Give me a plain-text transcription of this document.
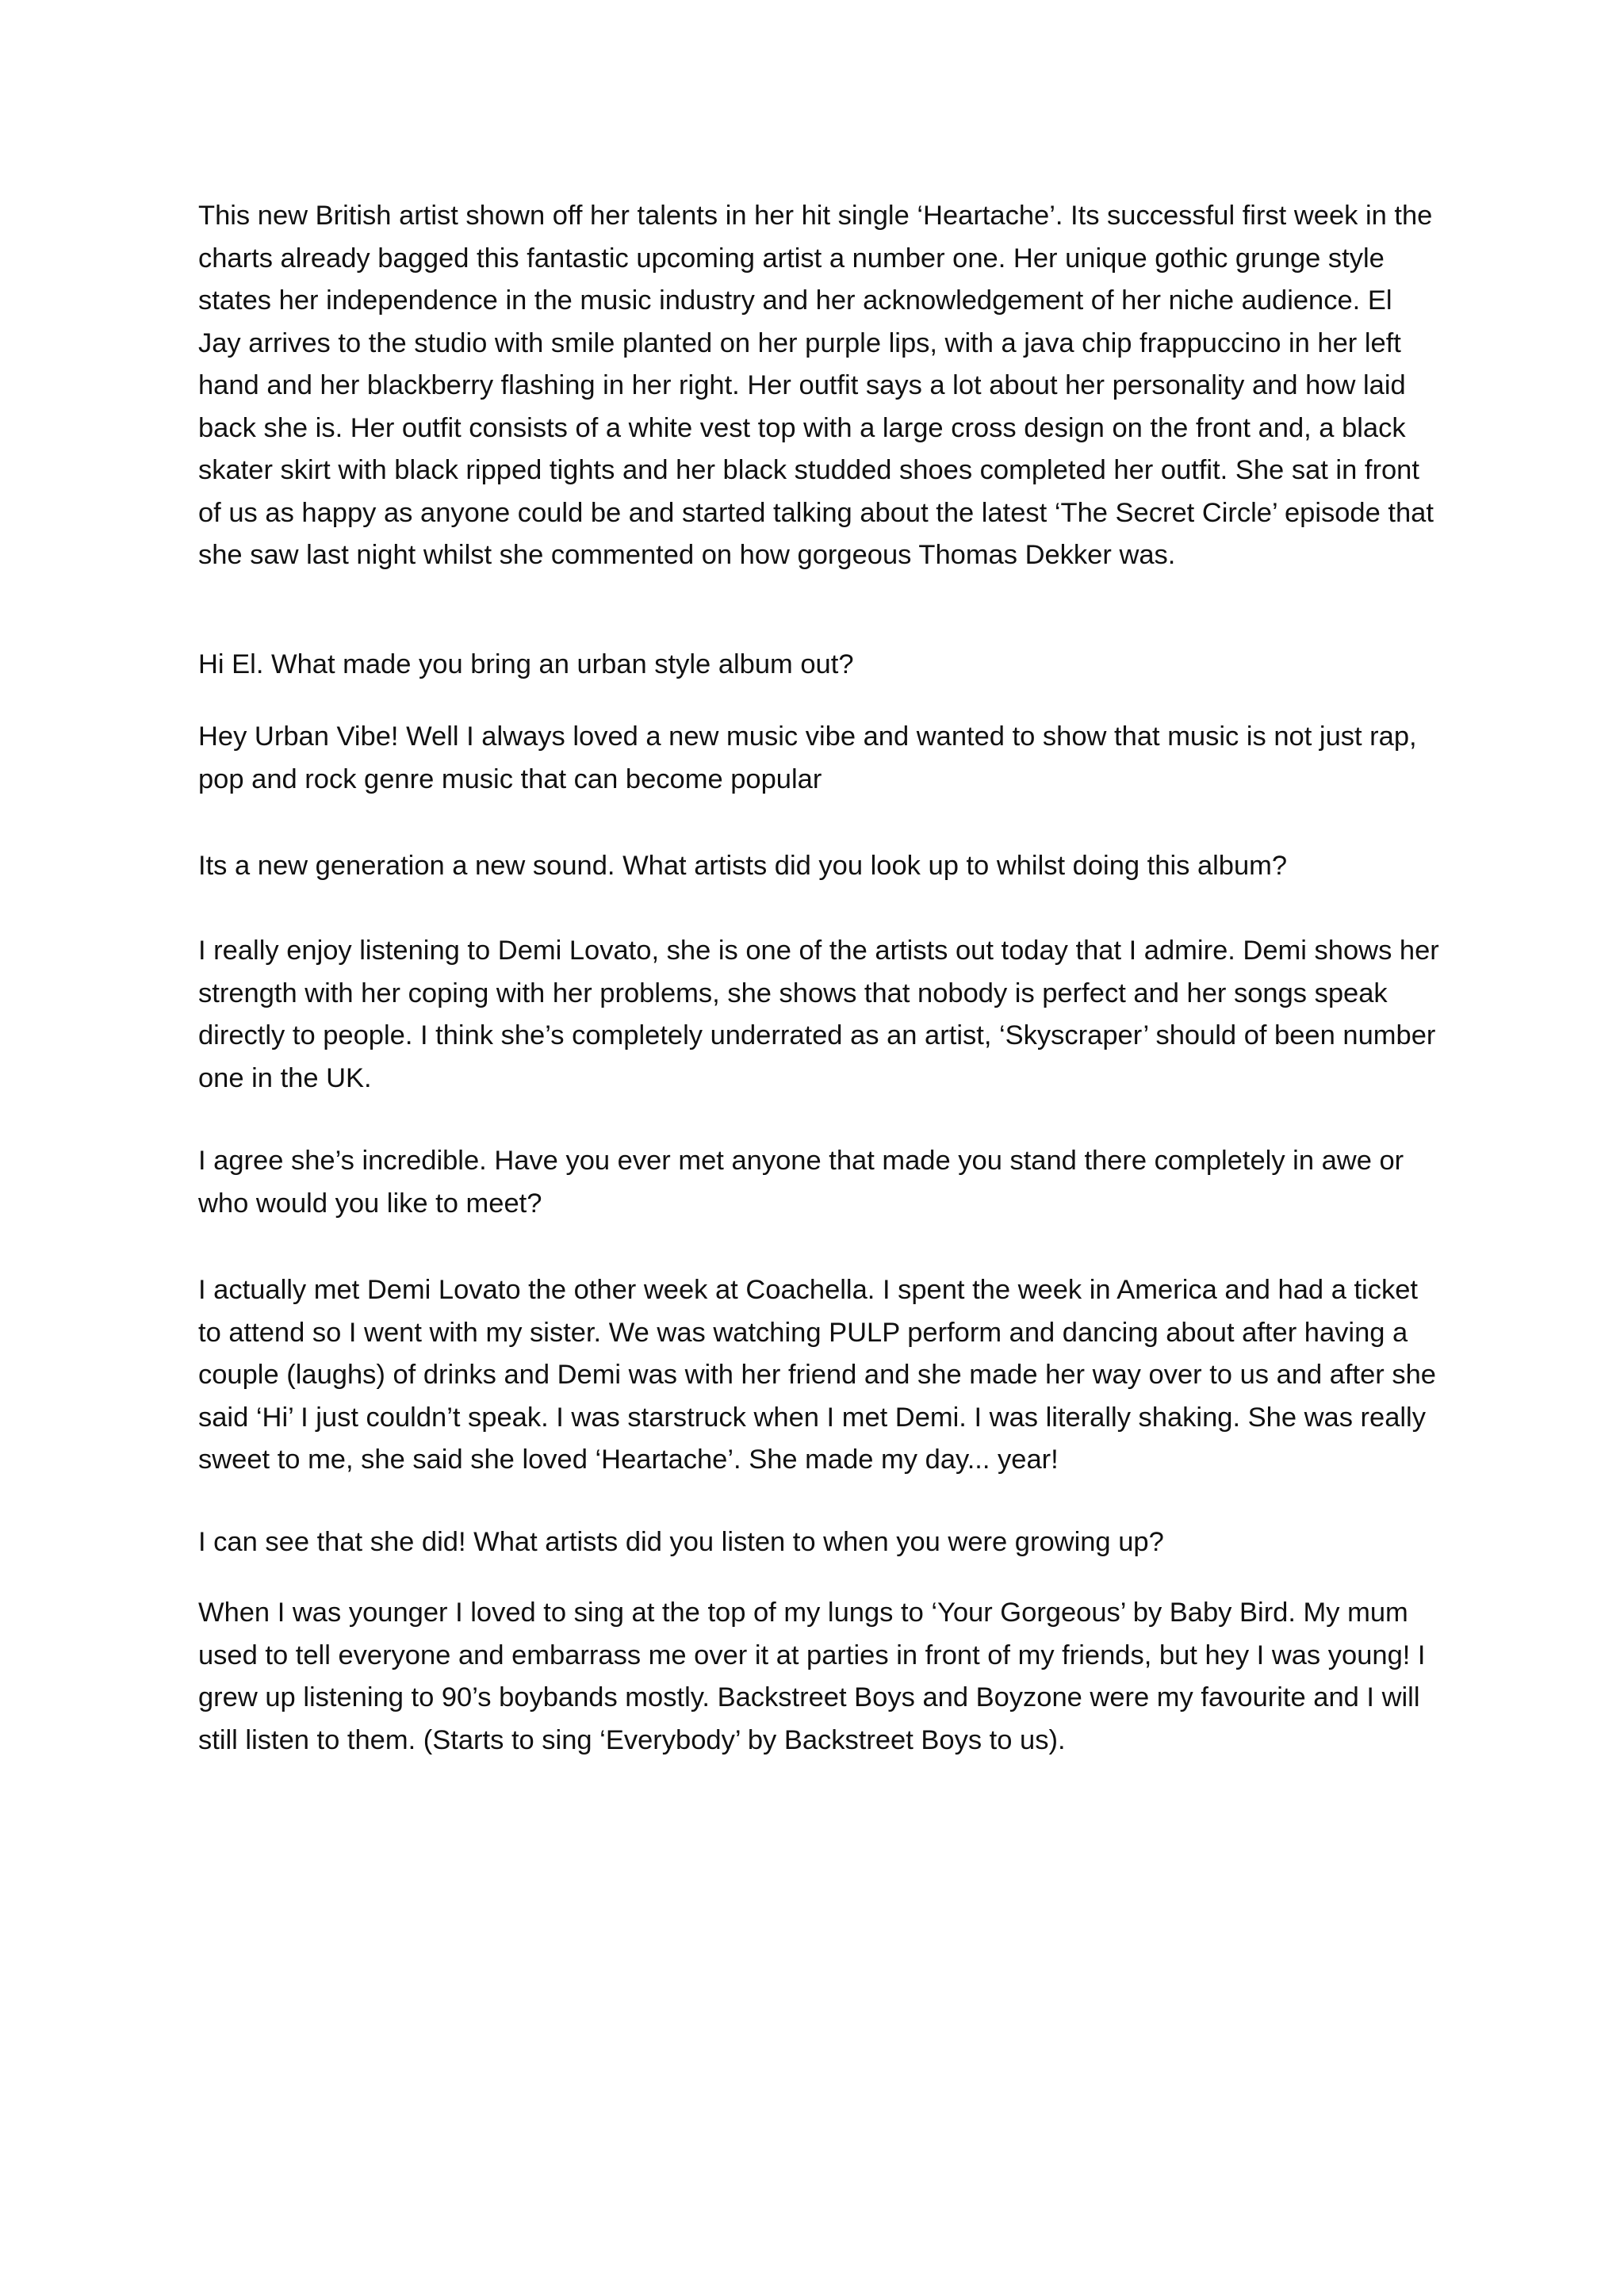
This new British artist shown off her talents in her hit single ‘Heartache’. Its successful first week in the charts already bagged this fantastic upcoming artist a number one. Her unique gothic grunge style states her independence in the music industry and her acknowledgement of her niche audience. El Jay arrives to the studio with smile planted on her purple lips, with a java chip frappuccino in her left hand and her blackberry flashing in her right. Her outfit says a lot about her personality and how laid back she is. Her outfit consists of a white vest top with a large cross design on the front and, a black skater skirt with black ripped tights and her black studded shoes completed her outfit. She sat in front of us as happy as anyone could be and started talking about the latest ‘The Secret Circle’ episode that she saw last night whilst she commented on how gorgeous Thomas Dekker was.

Hi El. What made you bring an urban style album out?

Hey Urban Vibe! Well I always loved a new music vibe and wanted to show that music is not just rap, pop and rock genre music that can become popular

Its a new generation a new sound. What artists did you look up to whilst doing this album?

I really enjoy listening to Demi Lovato, she is one of the artists out today that I admire. Demi shows her strength with her coping with her problems, she shows that nobody is perfect and her songs speak directly to people. I think she’s completely underrated as an artist, ‘Skyscraper’ should of been number one in the UK.

I agree she’s incredible. Have you ever met anyone that made you stand there completely in awe or who would you like to meet?

I actually met Demi Lovato the other week at Coachella. I spent the week in America and had a ticket to attend so I went with my sister. We was watching PULP perform and dancing about after having a couple (laughs) of drinks and Demi was with her friend and she made her way over to us and after she said ‘Hi’ I just couldn’t speak. I was starstruck when I met Demi. I was literally shaking. She was really sweet to me, she said she loved ‘Heartache’. She made my day... year!

I can see that she did! What artists did you listen to when you were growing up?

When I was younger I loved to sing at the top of my lungs to ‘Your Gorgeous’ by Baby Bird. My mum used to tell everyone and embarrass me over it at parties in front of my friends, but hey I was young! I grew up listening to 90’s boybands mostly. Backstreet Boys and Boyzone were my favourite and I will still listen to them. (Starts to sing ‘Everybody’ by Backstreet Boys to us).
